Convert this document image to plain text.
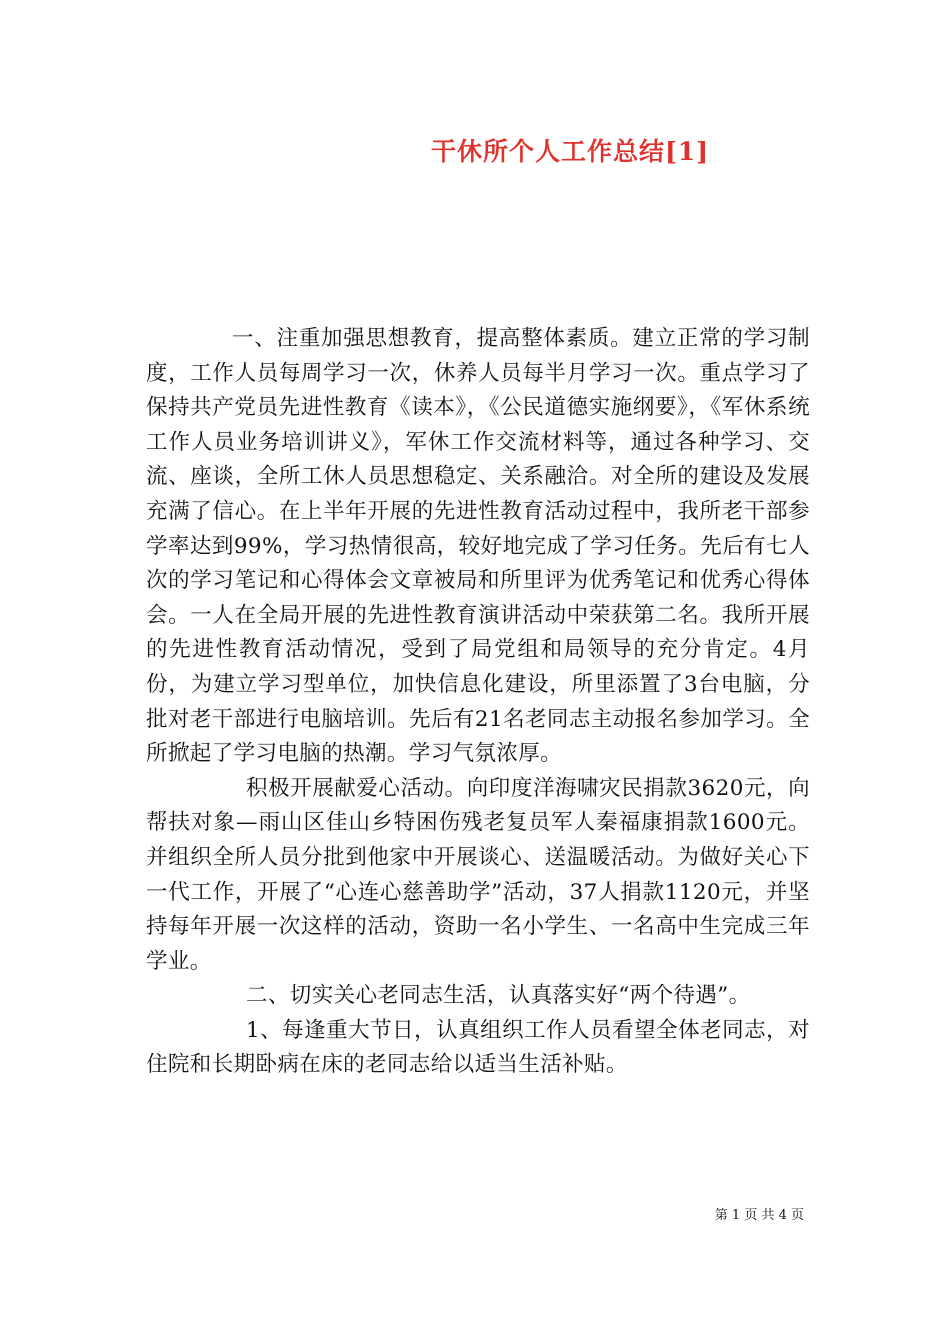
干休所个人工作总结[1]

一、注重加强思想教育，提高整体素质。建立正常的学习制度，工作人员每周学习一次，休养人员每半月学习一次。重点学习了保持共产党员先进性教育《读本》，《公民道德实施纲要》，《军休系统工作人员业务培训讲义》，军休工作交流材料等，通过各种学习、交流、座谈，全所工休人员思想稳定、关系融洽。对全所的建设及发展充满了信心。在上半年开展的先进性教育活动过程中，我所老干部参学率达到99%，学习热情很高，较好地完成了学习任务。先后有七人次的学习笔记和心得体会文章被局和所里评为优秀笔记和优秀心得体会。一人在全局开展的先进性教育演讲活动中荣获第二名。我所开展的先进性教育活动情况，受到了局党组和局领导的充分肯定。4月份，为建立学习型单位，加快信息化建设，所里添置了3台电脑，分批对老干部进行电脑培训。先后有21名老同志主动报名参加学习。全所掀起了学习电脑的热潮。学习气氛浓厚。

积极开展献爱心活动。向印度洋海啸灾民捐款3620元，向帮扶对象—雨山区佳山乡特困伤残老复员军人秦福康捐款1600元。并组织全所人员分批到他家中开展谈心、送温暖活动。为做好关心下一代工作，开展了“心连心慈善助学”活动，37人捐款1120元，并坚持每年开展一次这样的活动，资助一名小学生、一名高中生完成三年学业。

二、切实关心老同志生活，认真落实好“两个待遇”。

1、每逢重大节日，认真组织工作人员看望全体老同志，对住院和长期卧病在床的老同志给以适当生活补贴。

第 1 页 共 4 页
